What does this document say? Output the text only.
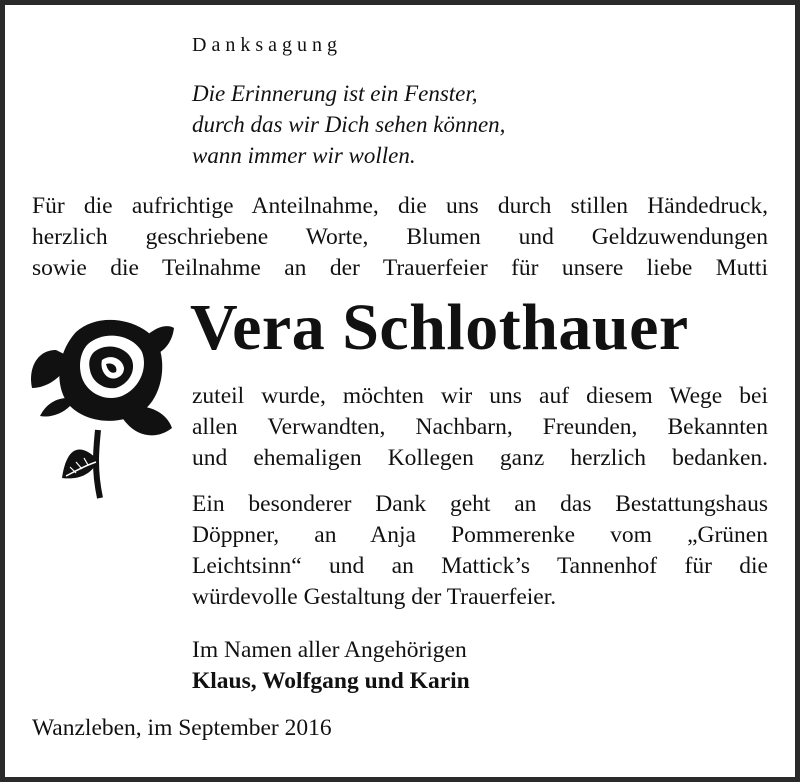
Danksagung
Die Erinnerung ist ein Fenster,
durch das wir Dich sehen können,
wann immer wir wollen.
Für die aufrichtige Anteilnahme, die uns durch stillen Händedruck,
herzlich geschriebene Worte, Blumen und Geldzuwendungen
sowie die Teilnahme an der Trauerfeier für unsere liebe Mutti
Vera Schlothauer
zuteil wurde, möchten wir uns auf diesem Wege bei
allen Verwandten, Nachbarn, Freunden, Bekannten
und ehemaligen Kollegen ganz herzlich bedanken.
Ein besonderer Dank geht an das Bestattungshaus
Döppner, an Anja Pommerenke vom „Grünen
Leichtsinn“ und an Mattick’s Tannenhof für die
würdevolle Gestaltung der Trauerfeier.
Im Namen aller Angehörigen
Klaus, Wolfgang und Karin
Wanzleben, im September 2016
